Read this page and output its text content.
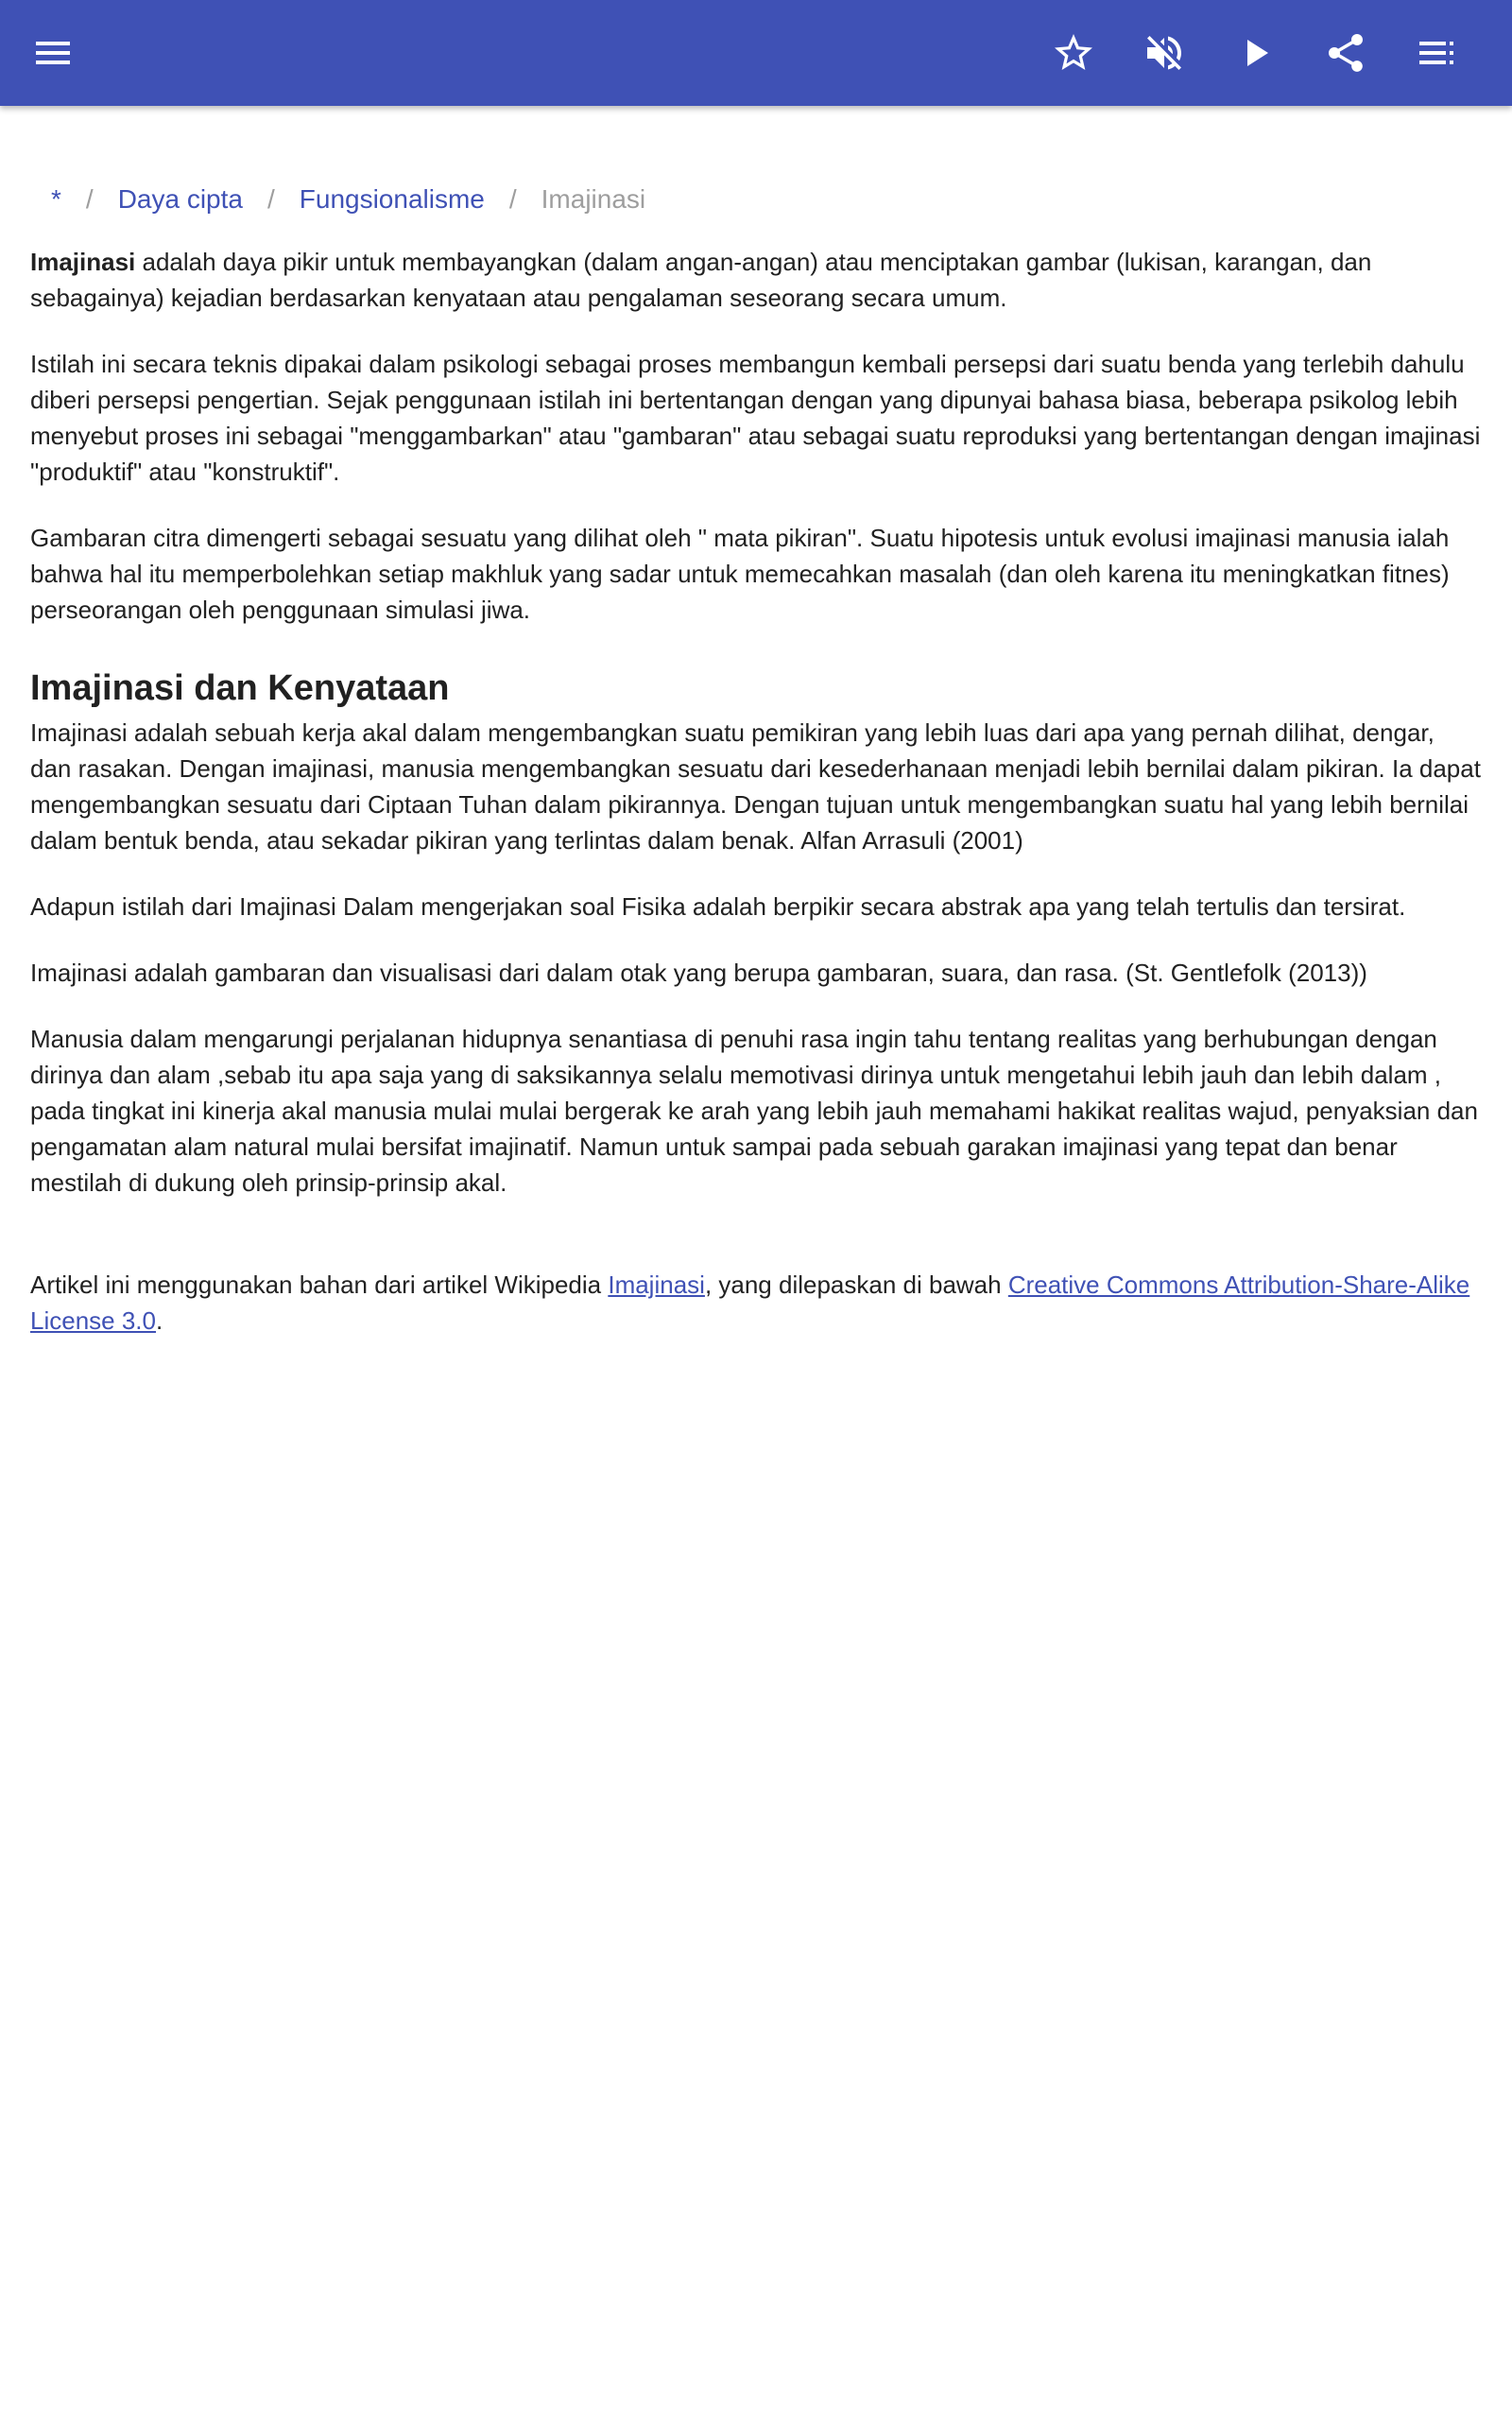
* / Daya cipta / Fungsionalisme / Imajinasi

Imajinasi adalah daya pikir untuk membayangkan (dalam angan-angan) atau menciptakan gambar (lukisan, karangan, dan sebagainya) kejadian berdasarkan kenyataan atau pengalaman seseorang secara umum.

Istilah ini secara teknis dipakai dalam psikologi sebagai proses membangun kembali persepsi dari suatu benda yang terlebih dahulu diberi persepsi pengertian. Sejak penggunaan istilah ini bertentangan dengan yang dipunyai bahasa biasa, beberapa psikolog lebih menyebut proses ini sebagai "menggambarkan" atau "gambaran" atau sebagai suatu reproduksi yang bertentangan dengan imajinasi "produktif" atau "konstruktif".

Gambaran citra dimengerti sebagai sesuatu yang dilihat oleh " mata pikiran". Suatu hipotesis untuk evolusi imajinasi manusia ialah bahwa hal itu memperbolehkan setiap makhluk yang sadar untuk memecahkan masalah (dan oleh karena itu meningkatkan fitnes) perseorangan oleh penggunaan simulasi jiwa.

Imajinasi dan Kenyataan

Imajinasi adalah sebuah kerja akal dalam mengembangkan suatu pemikiran yang lebih luas dari apa yang pernah dilihat, dengar, dan rasakan. Dengan imajinasi, manusia mengembangkan sesuatu dari kesederhanaan menjadi lebih bernilai dalam pikiran. Ia dapat mengembangkan sesuatu dari Ciptaan Tuhan dalam pikirannya. Dengan tujuan untuk mengembangkan suatu hal yang lebih bernilai dalam bentuk benda, atau sekadar pikiran yang terlintas dalam benak. Alfan Arrasuli (2001)

Adapun istilah dari Imajinasi Dalam mengerjakan soal Fisika adalah berpikir secara abstrak apa yang telah tertulis dan tersirat.

Imajinasi adalah gambaran dan visualisasi dari dalam otak yang berupa gambaran, suara, dan rasa. (St. Gentlefolk (2013))

Manusia dalam mengarungi perjalanan hidupnya senantiasa di penuhi rasa ingin tahu tentang realitas yang berhubungan dengan dirinya dan alam ,sebab itu apa saja yang di saksikannya selalu memotivasi dirinya untuk mengetahui lebih jauh dan lebih dalam , pada tingkat ini kinerja akal manusia mulai mulai bergerak ke arah yang lebih jauh memahami hakikat realitas wajud, penyaksian dan pengamatan alam natural mulai bersifat imajinatif. Namun untuk sampai pada sebuah garakan imajinasi yang tepat dan benar mestilah di dukung oleh prinsip-prinsip akal.

Artikel ini menggunakan bahan dari artikel Wikipedia Imajinasi, yang dilepaskan di bawah Creative Commons Attribution-Share-Alike License 3.0.
